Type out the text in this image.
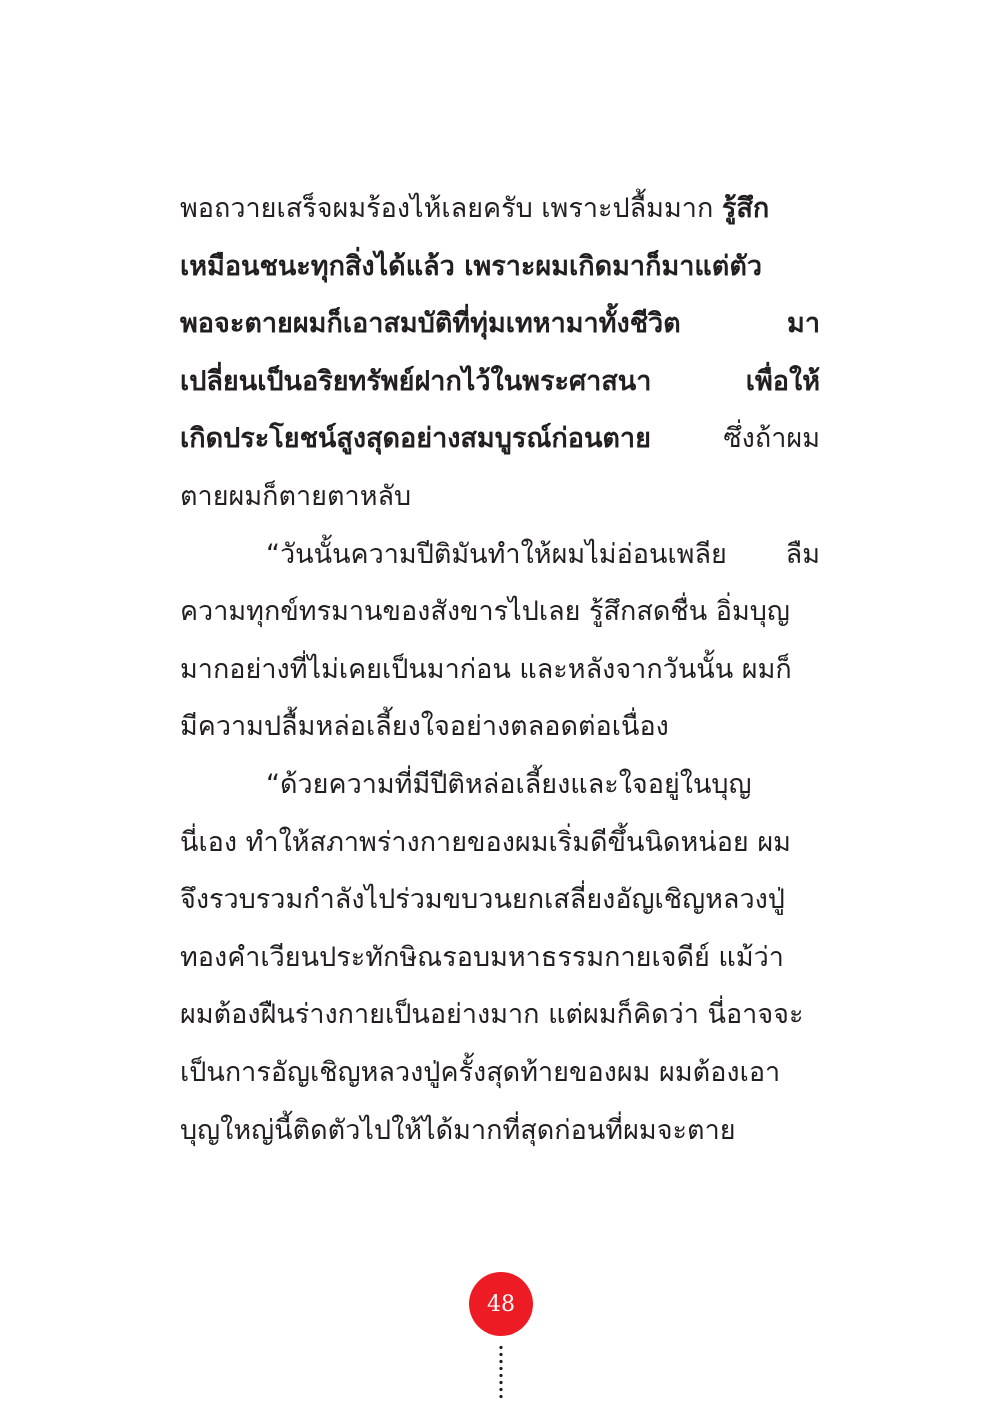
พอถวายเสร็จผมร้องไห้เลยครับ เพราะปลื้มมาก รู้สึก
เหมือนชนะทุกสิ่งได้แล้ว เพราะผมเกิดมาก็มาแต่ตัว
พอจะตายผมก็เอาสมบัติที่ทุ่มเทหามาทั้งชีวิต	มา
เปลี่ยนเป็นอริยทรัพย์ฝากไว้ในพระศาสนา	เพื่อให้
เกิดประโยชน์สูงสุดอย่างสมบูรณ์ก่อนตาย	ซึ่งถ้าผม
ตายผมก็ตายตาหลับ
“วันนั้นความปีติมันทำให้ผมไม่อ่อนเพลีย ลืม
ความทุกข์ทรมานของสังขารไปเลย รู้สึกสดชื่น อิ่มบุญ
มากอย่างที่ไม่เคยเป็นมาก่อน และหลังจากวันนั้น ผมก็
มีความปลื้มหล่อเลี้ยงใจอย่างตลอดต่อเนื่อง
“ด้วยความที่มีปีติหล่อเลี้ยงและใจอยู่ในบุญ
นี่เอง ทำให้สภาพร่างกายของผมเริ่มดีขึ้นนิดหน่อย ผม
จึงรวบรวมกำลังไปร่วมขบวนยกเสลี่ยงอัญเชิญหลวงปู่
ทองคำเวียนประทักษิณรอบมหาธรรมกายเจดีย์ แม้ว่า
ผมต้องฝืนร่างกายเป็นอย่างมาก แต่ผมก็คิดว่า นี่อาจจะ
เป็นการอัญเชิญหลวงปู่ครั้งสุดท้ายของผม ผมต้องเอา
บุญใหญ่นี้ติดตัวไปให้ได้มากที่สุดก่อนที่ผมจะตาย
48
